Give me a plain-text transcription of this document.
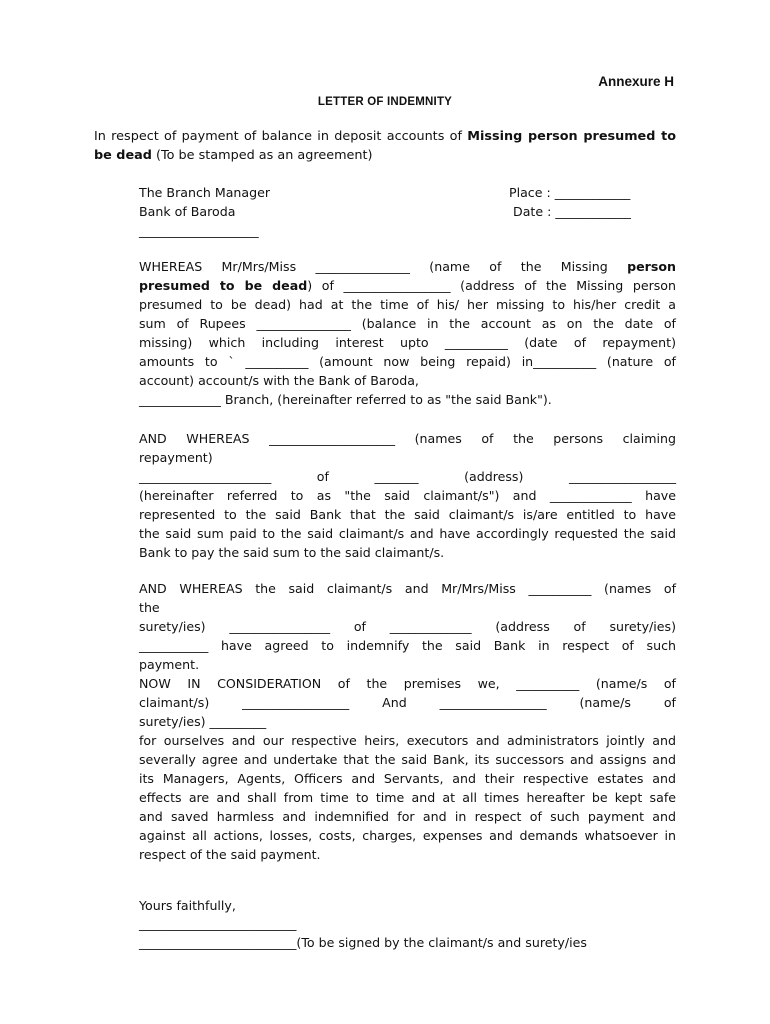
Annexure H
LETTER OF INDEMNITY
In respect of payment of balance in deposit accounts of Missing person presumed to
be dead (To be stamped as an agreement)
The Branch Manager
Bank of Baroda
___________________
Place : ____________
Date : ____________
WHEREAS Mr/Mrs/Miss _______________ (name of the Missing person
presumed to be dead) of _________________ (address of the Missing person
presumed to be dead) had at the time of his/ her missing to his/her credit a
sum of Rupees _______________ (balance in the account as on the date of
missing) which including interest upto __________ (date of repayment)
amounts to ` __________ (amount now being repaid) in__________ (nature of
account) account/s with the Bank of Baroda,
_____________ Branch, (hereinafter referred to as "the said Bank").
AND WHEREAS ____________________ (names of the persons claiming
repayment)
_____________________ of _______ (address) _________________
(hereinafter referred to as "the said claimant/s") and _____________ have
represented to the said Bank that the said claimant/s is/are entitled to have
the said sum paid to the said claimant/s and have accordingly requested the said
Bank to pay the said sum to the said claimant/s.
AND WHEREAS the said claimant/s and Mr/Mrs/Miss __________ (names of
the
surety/ies) ________________ of _____________ (address of surety/ies)
___________ have agreed to indemnify the said Bank in respect of such
payment.
NOW IN CONSIDERATION of the premises we, __________ (name/s of
claimant/s) _________________ And _________________ (name/s of
surety/ies) _________
for ourselves and our respective heirs, executors and administrators jointly and
severally agree and undertake that the said Bank, its successors and assigns and
its Managers, Agents, Officers and Servants, and their respective estates and
effects are and shall from time to time and at all times hereafter be kept safe
and saved harmless and indemnified for and in respect of such payment and
against all actions, losses, costs, charges, expenses and demands whatsoever in
respect of the said payment.
Yours faithfully,
_________________________
_________________________(To be signed by the claimant/s and surety/ies
